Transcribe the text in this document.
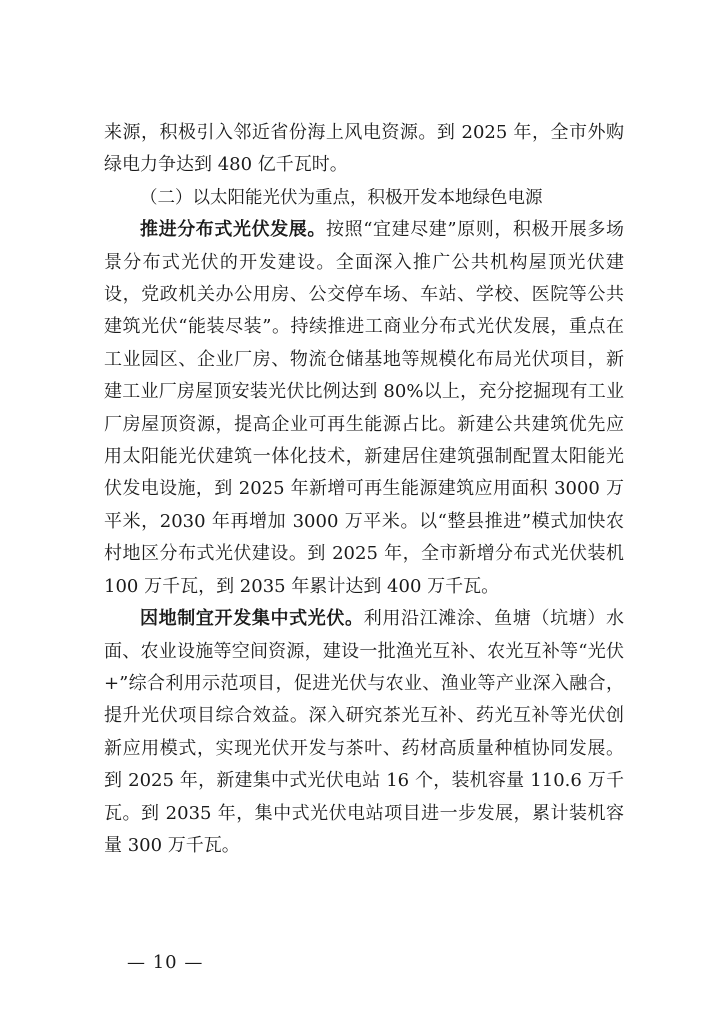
来源，积极引入邻近省份海上风电资源。到 2025 年，全市外购绿电力争达到 480 亿千瓦时。

（二）以太阳能光伏为重点，积极开发本地绿色电源

推进分布式光伏发展。按照“宜建尽建”原则，积极开展多场景分布式光伏的开发建设。全面深入推广公共机构屋顶光伏建设，党政机关办公用房、公交停车场、车站、学校、医院等公共建筑光伏“能装尽装”。持续推进工商业分布式光伏发展，重点在工业园区、企业厂房、物流仓储基地等规模化布局光伏项目，新建工业厂房屋顶安装光伏比例达到 80%以上，充分挖掘现有工业厂房屋顶资源，提高企业可再生能源占比。新建公共建筑优先应用太阳能光伏建筑一体化技术，新建居住建筑强制配置太阳能光伏发电设施，到 2025 年新增可再生能源建筑应用面积 3000 万平米，2030 年再增加 3000 万平米。以“整县推进”模式加快农村地区分布式光伏建设。到 2025 年，全市新增分布式光伏装机 100 万千瓦，到 2035 年累计达到 400 万千瓦。

因地制宜开发集中式光伏。利用沿江滩涂、鱼塘（坑塘）水面、农业设施等空间资源，建设一批渔光互补、农光互补等“光伏+”综合利用示范项目，促进光伏与农业、渔业等产业深入融合，提升光伏项目综合效益。深入研究茶光互补、药光互补等光伏创新应用模式，实现光伏开发与茶叶、药材高质量种植协同发展。到 2025 年，新建集中式光伏电站 16 个，装机容量 110.6 万千瓦。到 2035 年，集中式光伏电站项目进一步发展，累计装机容量 300 万千瓦。

— 10 —
